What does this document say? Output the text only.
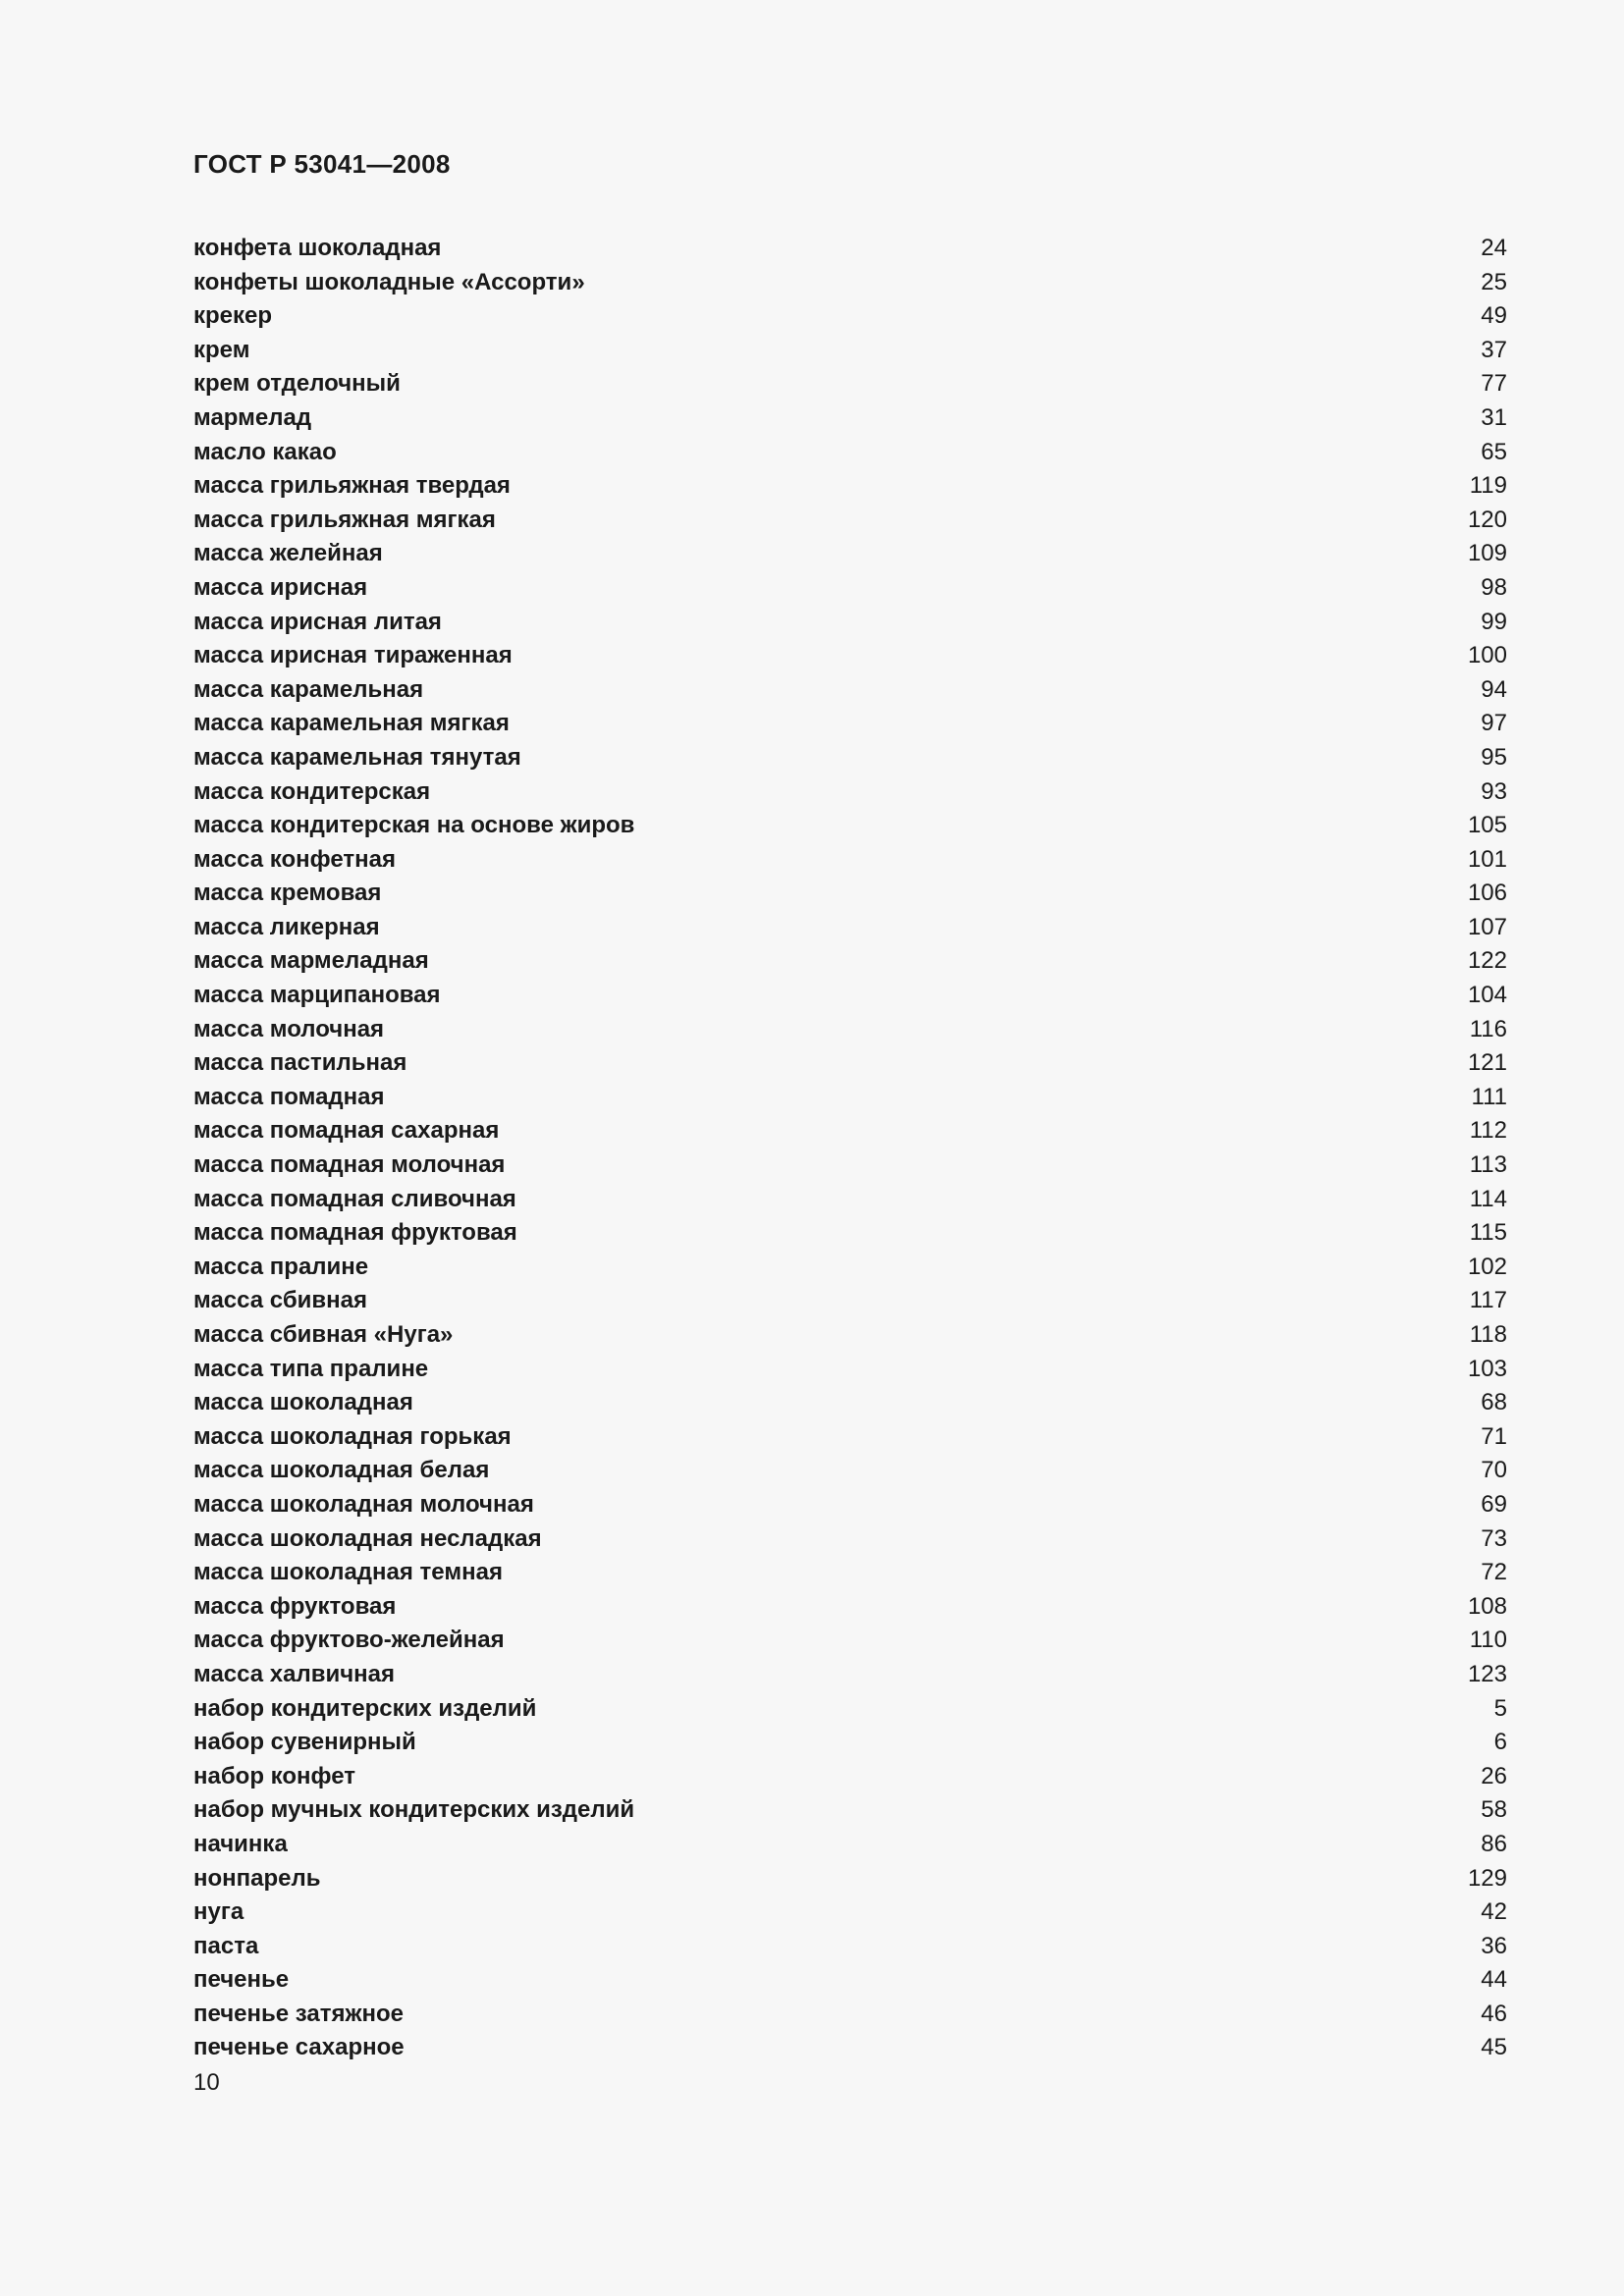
ГОСТ Р 53041—2008
конфета шоколадная	24
конфеты шоколадные «Ассорти»	25
крекер	49
крем	37
крем отделочный	77
мармелад	31
масло какао	65
масса грильяжная твердая	119
масса грильяжная мягкая	120
масса желейная	109
масса ирисная	98
масса ирисная литая	99
масса ирисная тираженная	100
масса карамельная	94
масса карамельная мягкая	97
масса карамельная тянутая	95
масса кондитерская	93
масса кондитерская на основе жиров	105
масса конфетная	101
масса кремовая	106
масса ликерная	107
масса мармеладная	122
масса марципановая	104
масса молочная	116
масса пастильная	121
масса помадная	111
масса помадная сахарная	112
масса помадная молочная	113
масса помадная сливочная	114
масса помадная фруктовая	115
масса пралине	102
масса сбивная	117
масса сбивная «Нуга»	118
масса типа пралине	103
масса шоколадная	68
масса шоколадная горькая	71
масса шоколадная белая	70
масса шоколадная молочная	69
масса шоколадная несладкая	73
масса шоколадная темная	72
масса фруктовая	108
масса фруктово-желейная	110
масса халвичная	123
набор кондитерских изделий	5
набор сувенирный	6
набор конфет	26
набор мучных кондитерских изделий	58
начинка	86
нонпарель	129
нуга	42
паста	36
печенье	44
печенье затяжное	46
печенье сахарное	45
10
